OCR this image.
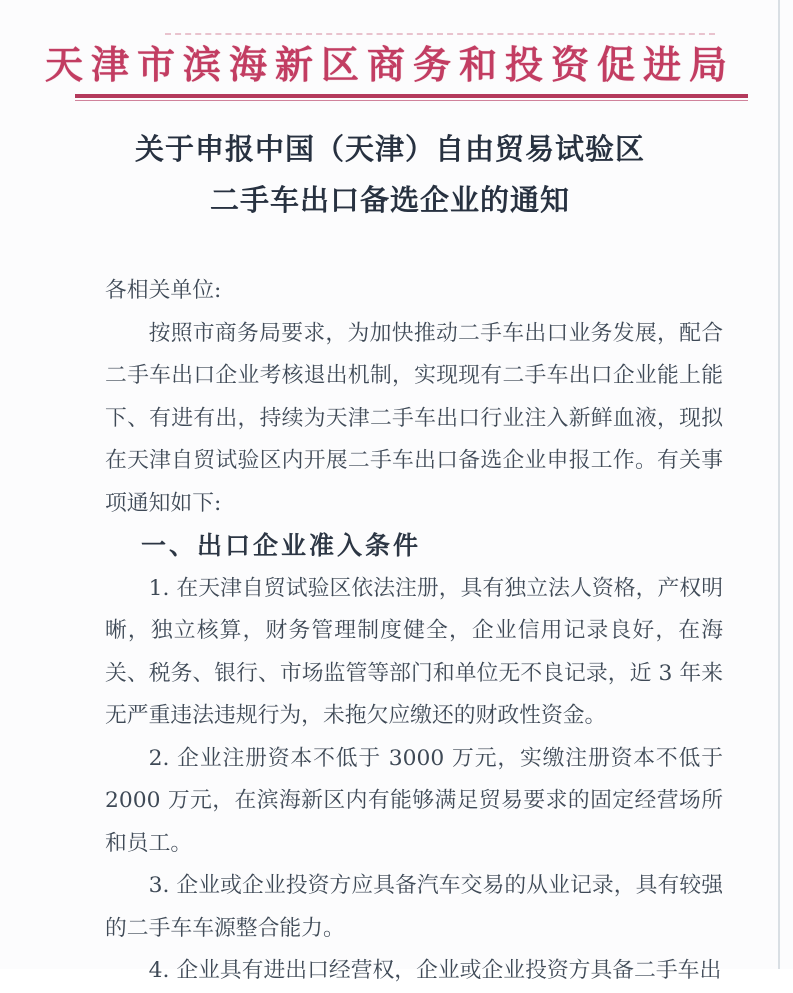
天津市滨海新区商务和投资促进局
关于申报中国（天津）自由贸易试验区
二手车出口备选企业的通知

各相关单位:

按照市商务局要求，为加快推动二手车出口业务发展，配合二手车出口企业考核退出机制，实现现有二手车出口企业能上能下、有进有出，持续为天津二手车出口行业注入新鲜血液，现拟在天津自贸试验区内开展二手车出口备选企业申报工作。有关事项通知如下:

一、出口企业准入条件

1. 在天津自贸试验区依法注册，具有独立法人资格，产权明晰，独立核算，财务管理制度健全，企业信用记录良好，在海关、税务、银行、市场监管等部门和单位无不良记录，近 3 年来无严重违法违规行为，未拖欠应缴还的财政性资金。

2. 企业注册资本不低于 3000 万元，实缴注册资本不低于 2000 万元，在滨海新区内有能够满足贸易要求的固定经营场所和员工。

3. 企业或企业投资方应具备汽车交易的从业记录，具有较强的二手车车源整合能力。

4. 企业具有进出口经营权，企业或企业投资方具备二手车出
